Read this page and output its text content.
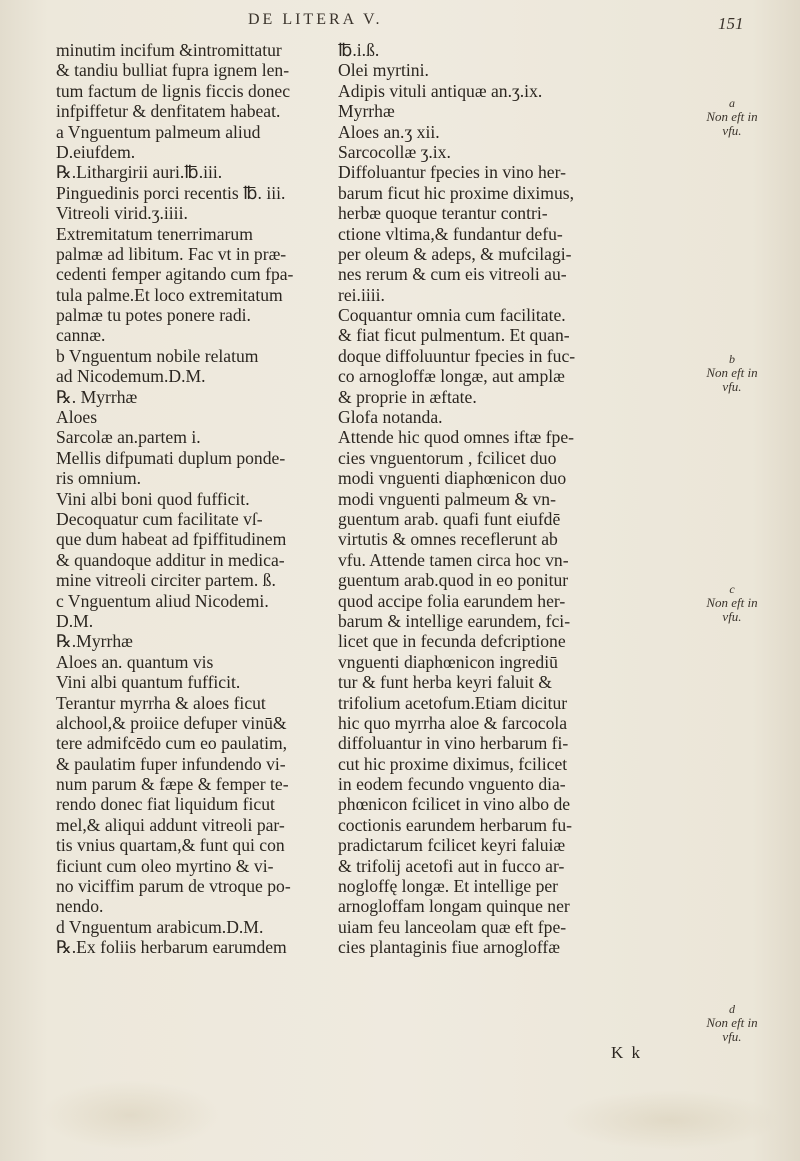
DE LITERA V.	151
minutim incifum &intromittatur
& tandiu bulliat fupra ignem len-
tum factum de lignis ficcis donec
infpiffetur & denfitatem habeat.
a Vnguentum palmeum aliud
D.eiufdem.
℞.Lithargirii auri.℔.iii.
Pinguedinis porci recentis ℔. iii.
Vitreoli virid.ʒ.iiii.
Extremitatum tenerrimarum
palmæ ad libitum. Fac vt in præ-
cedenti femper agitando cum fpa-
tula palme.Et loco extremitatum
palmæ tu potes ponere radi.
cannæ.
b Vnguentum nobile relatum
ad Nicodemum.D.M.
℞. Myrrhæ
Aloes
Sarcolæ an.partem i.
Mellis difpumati duplum ponde-
ris omnium.
Vini albi boni quod fufficit.
Decoquatur cum facilitate vſ-
que dum habeat ad fpiffitudinem
& quandoque additur in medica-
mine vitreoli circiter partem. ß.
c Vnguentum aliud Nicodemi.
D.M.
℞.Myrrhæ
Aloes an. quantum vis
Vini albi quantum fufficit.
Terantur myrrha & aloes ficut
alchool,& proiice defuper vinū&
tere admifcēdo cum eo paulatim,
& paulatim fuper infundendo vi-
num parum & fæpe & femper te-
rendo donec fiat liquidum ficut
mel,& aliqui addunt vitreoli par-
tis vnius quartam,& funt qui con
ficiunt cum oleo myrtino & vi-
no viciffim parum de vtroque po-
nendo.
d Vnguentum arabicum.D.M.
℞.Ex foliis herbarum earumdem
℔.i.ß.
Olei myrtini.
Adipis vituli antiquæ an.ʒ.ix.
Myrrhæ
Aloes an.ʒ xii.
Sarcocollæ ʒ.ix.
Diffoluantur fpecies in vino her-
barum ficut hic proxime diximus,
herbæ quoque terantur contri-
ctione vltima,& fundantur defu-
per oleum & adeps, & mufcilagi-
nes rerum & cum eis vitreoli au-
rei.iiii.
Coquantur omnia cum facilitate.
& fiat ficut pulmentum. Et quan-
doque diffoluuntur fpecies in fuc-
co arnogloffæ longæ, aut amplæ
& proprie in æftate.
Glofa notanda.
Attende hic quod omnes iftæ fpe-
cies vnguentorum , fcilicet duo
modi vnguenti diaphœnicon duo
modi vnguenti palmeum & vn-
guentum arab. quafi funt eiufdē
virtutis & omnes receflerunt ab
vfu. Attende tamen circa hoc vn-
guentum arab.quod in eo ponitur
quod accipe folia earundem her-
barum & intellige earundem, fci-
licet que in fecunda defcriptione
vnguenti diaphœnicon ingrediū
tur & funt herba keyri faluit &
trifolium acetofum.Etiam dicitur
hic quo myrrha aloe & farcocola
diffoluantur in vino herbarum fi-
cut hic proxime diximus, fcilicet
in eodem fecundo vnguento dia-
phœnicon fcilicet in vino albo de
coctionis earundem herbarum fu-
pradictarum fcilicet keyri faluiæ
& trifolij acetofi aut in fucco ar-
nogloffę longæ. Et intellige per
arnogloffam longam quinque ner
uiam feu lanceolam quæ eft fpe-
cies plantaginis fiue arnogloffæ
a
Non eft in vfu.
b
Non eft in vfu.
c
Non eft in vfu.
d
Non eft in vfu.
K k
